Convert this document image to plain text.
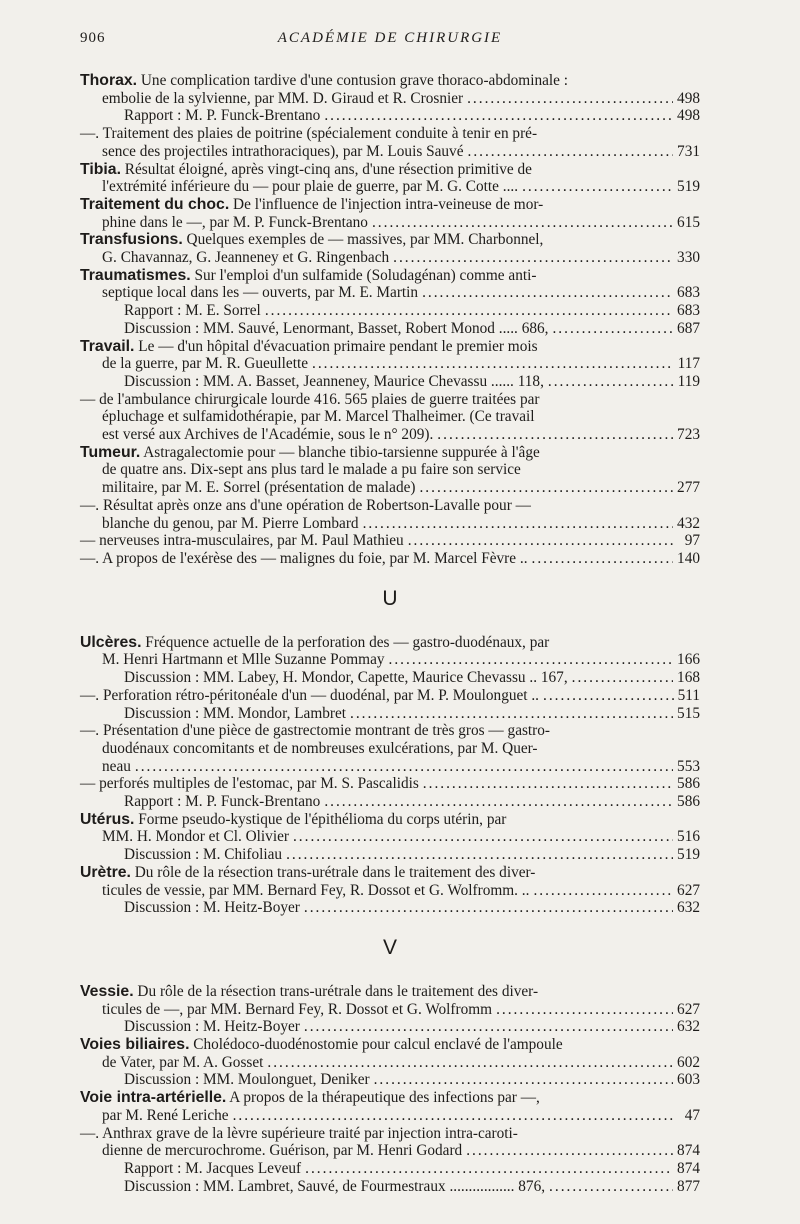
906	ACADÉMIE DE CHIRURGIE
Thorax. Une complication tardive d'une contusion grave thoraco-abdominale :
embolie de la sylvienne, par MM. D. Giraud et R. Crosnier .....	498
Rapport : M. P. Funck-Brentano .....	498
—. Traitement des plaies de poitrine (spécialement conduite à tenir en pré-
sence des projectiles intrathoraciques), par M. Louis Sauvé .....	731
Tibia. Résultat éloigné, après vingt-cinq ans, d'une résection primitive de
l'extrémité inférieure du — pour plaie de guerre, par M. G. Cotte .... .....	519
Traitement du choc. De l'influence de l'injection intra-veineuse de mor-
phine dans le —, par M. P. Funck-Brentano .....	615
Transfusions. Quelques exemples de — massives, par MM. Charbonnel,
G. Chavannaz, G. Jeanneney et G. Ringenbach .....	330
Traumatismes. Sur l'emploi d'un sulfamide (Soludagénan) comme anti-
septique local dans les — ouverts, par M. E. Martin .....	683
Rapport : M. E. Sorrel .....	683
Discussion : MM. Sauvé, Lenormant, Basset, Robert Monod ..... 686, .....	687
Travail. Le — d'un hôpital d'évacuation primaire pendant le premier mois
de la guerre, par M. R. Gueullette .....	117
Discussion : MM. A. Basset, Jeanneney, Maurice Chevassu ...... 118, .....	119
— de l'ambulance chirurgicale lourde 416. 565 plaies de guerre traitées par
épluchage et sulfamidothérapie, par M. Marcel Thalheimer. (Ce travail
est versé aux Archives de l'Académie, sous le n° 209). .....	723
Tumeur. Astragalectomie pour — blanche tibio-tarsienne suppurée à l'âge
de quatre ans. Dix-sept ans plus tard le malade a pu faire son service
militaire, par M. E. Sorrel (présentation de malade) .....	277
—. Résultat après onze ans d'une opération de Robertson-Lavalle pour —
blanche du genou, par M. Pierre Lombard .....	432
— nerveuses intra-musculaires, par M. Paul Mathieu .....	97
—. A propos de l'exérèse des — malignes du foie, par M. Marcel Fèvre .. .....	140
U
Ulcères. Fréquence actuelle de la perforation des — gastro-duodénaux, par
M. Henri Hartmann et Mlle Suzanne Pommay .....	166
Discussion : MM. Labey, H. Mondor, Capette, Maurice Chevassu .. 167, .....	168
—. Perforation rétro-péritonéale d'un — duodénal, par M. P. Moulonguet .. .....	511
Discussion : MM. Mondor, Lambret .....	515
—. Présentation d'une pièce de gastrectomie montrant de très gros — gastro-
duodénaux concomitants et de nombreuses exulcérations, par M. Quer-
neau .....	553
— perforés multiples de l'estomac, par M. S. Pascalidis .....	586
Rapport : M. P. Funck-Brentano .....	586
Utérus. Forme pseudo-kystique de l'épithélioma du corps utérin, par
MM. H. Mondor et Cl. Olivier .....	516
Discussion : M. Chifoliau .....	519
Urètre. Du rôle de la résection trans-urétrale dans le traitement des diver-
ticules de vessie, par MM. Bernard Fey, R. Dossot et G. Wolfromm. .. .....	627
Discussion : M. Heitz-Boyer .....	632
V
Vessie. Du rôle de la résection trans-urétrale dans le traitement des diver-
ticules de —, par MM. Bernard Fey, R. Dossot et G. Wolfromm .....	627
Discussion : M. Heitz-Boyer .....	632
Voies biliaires. Cholédoco-duodénostomie pour calcul enclavé de l'ampoule
de Vater, par M. A. Gosset .....	602
Discussion : MM. Moulonguet, Deniker .....	603
Voie intra-artérielle. A propos de la thérapeutique des infections par —,
par M. René Leriche .....	47
—. Anthrax grave de la lèvre supérieure traité par injection intra-caroti-
dienne de mercurochrome. Guérison, par M. Henri Godard .....	874
Rapport : M. Jacques Leveuf .....	874
Discussion : MM. Lambret, Sauvé, de Fourmestraux ................. 876, .....	877
